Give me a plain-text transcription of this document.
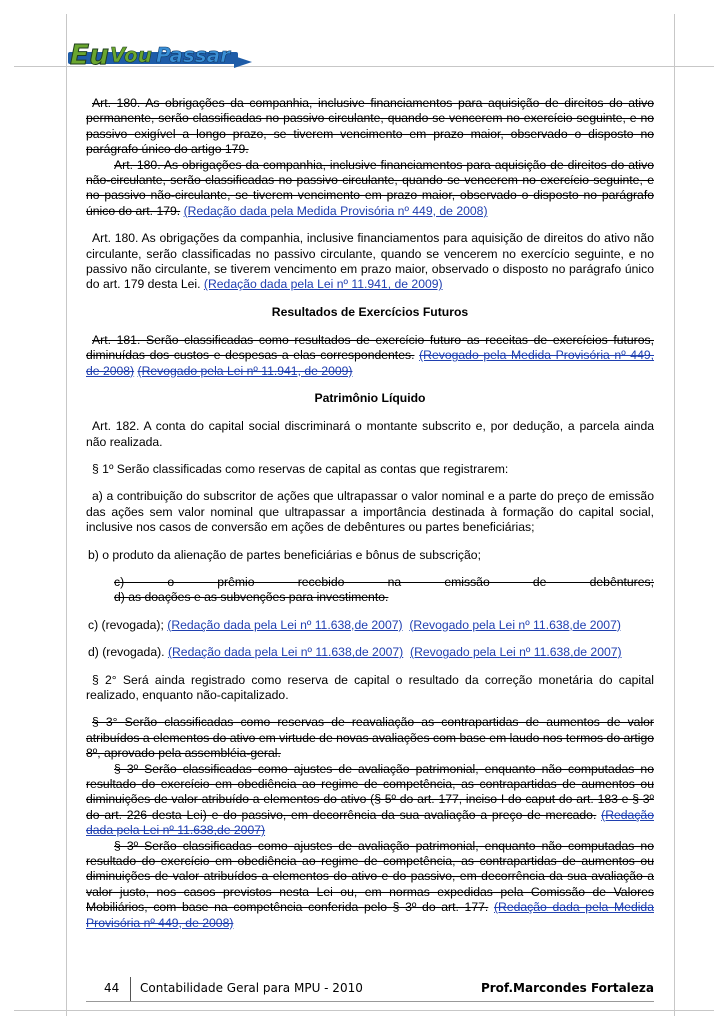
Eu Vou Passar

Art. 180. As obrigações da companhia, inclusive financiamentos para aquisição de direitos do ativo permanente, serão classificadas no passivo circulante, quando se vencerem no exercício seguinte, e no passivo exigível a longo prazo, se tiverem vencimento em prazo maior, observado o disposto no parágrafo único do artigo 179.
Art. 180. As obrigações da companhia, inclusive financiamentos para aquisição de direitos do ativo não-circulante, serão classificadas no passivo circulante, quando se vencerem no exercício seguinte, e no passivo não-circulante, se tiverem vencimento em prazo maior, observado o disposto no parágrafo único do art. 179. (Redação dada pela Medida Provisória nº 449, de 2008)

Art. 180. As obrigações da companhia, inclusive financiamentos para aquisição de direitos do ativo não circulante, serão classificadas no passivo circulante, quando se vencerem no exercício seguinte, e no passivo não circulante, se tiverem vencimento em prazo maior, observado o disposto no parágrafo único do art. 179 desta Lei. (Redação dada pela Lei nº 11.941, de 2009)

Resultados de Exercícios Futuros

Art. 181. Serão classificadas como resultados de exercício futuro as receitas de exercícios futuros, diminuídas dos custos e despesas a elas correspondentes. (Revogado pela Medida Provisória nº 449, de 2008) (Revogado pela Lei nº 11.941, de 2009)

Patrimônio Líquido

Art. 182. A conta do capital social discriminará o montante subscrito e, por dedução, a parcela ainda não realizada.

§ 1º Serão classificadas como reservas de capital as contas que registrarem:

a) a contribuição do subscritor de ações que ultrapassar o valor nominal e a parte do preço de emissão das ações sem valor nominal que ultrapassar a importância destinada à formação do capital social, inclusive nos casos de conversão em ações de debêntures ou partes beneficiárias;

b) o produto da alienação de partes beneficiárias e bônus de subscrição;

c) o prêmio recebido na emissão de debêntures;
d) as doações e as subvenções para investimento.

c) (revogada); (Redação dada pela Lei nº 11.638,de 2007) (Revogado pela Lei nº 11.638,de 2007)

d) (revogada). (Redação dada pela Lei nº 11.638,de 2007) (Revogado pela Lei nº 11.638,de 2007)

§ 2° Será ainda registrado como reserva de capital o resultado da correção monetária do capital realizado, enquanto não-capitalizado.

§ 3° Serão classificadas como reservas de reavaliação as contrapartidas de aumentos de valor atribuídos a elementos do ativo em virtude de novas avaliações com base em laudo nos termos do artigo 8º, aprovado pela assembléia-geral.
§ 3º Serão classificadas como ajustes de avaliação patrimonial, enquanto não computadas no resultado do exercício em obediência ao regime de competência, as contrapartidas de aumentos ou diminuições de valor atribuído a elementos do ativo (§ 5º do art. 177, inciso I do caput do art. 183 e § 3º do art. 226 desta Lei) e do passivo, em decorrência da sua avaliação a preço de mercado. (Redação dada pela Lei nº 11.638,de 2007)
§ 3º Serão classificadas como ajustes de avaliação patrimonial, enquanto não computadas no resultado do exercício em obediência ao regime de competência, as contrapartidas de aumentos ou diminuições de valor atribuídos a elementos do ativo e do passivo, em decorrência da sua avaliação a valor justo, nos casos previstos nesta Lei ou, em normas expedidas pela Comissão de Valores Mobiliários, com base na competência conferida pelo § 3º do art. 177. (Redação dada pela Medida Provisória nº 449, de 2008)

44 Contabilidade Geral para MPU - 2010	Prof.Marcondes Fortaleza
